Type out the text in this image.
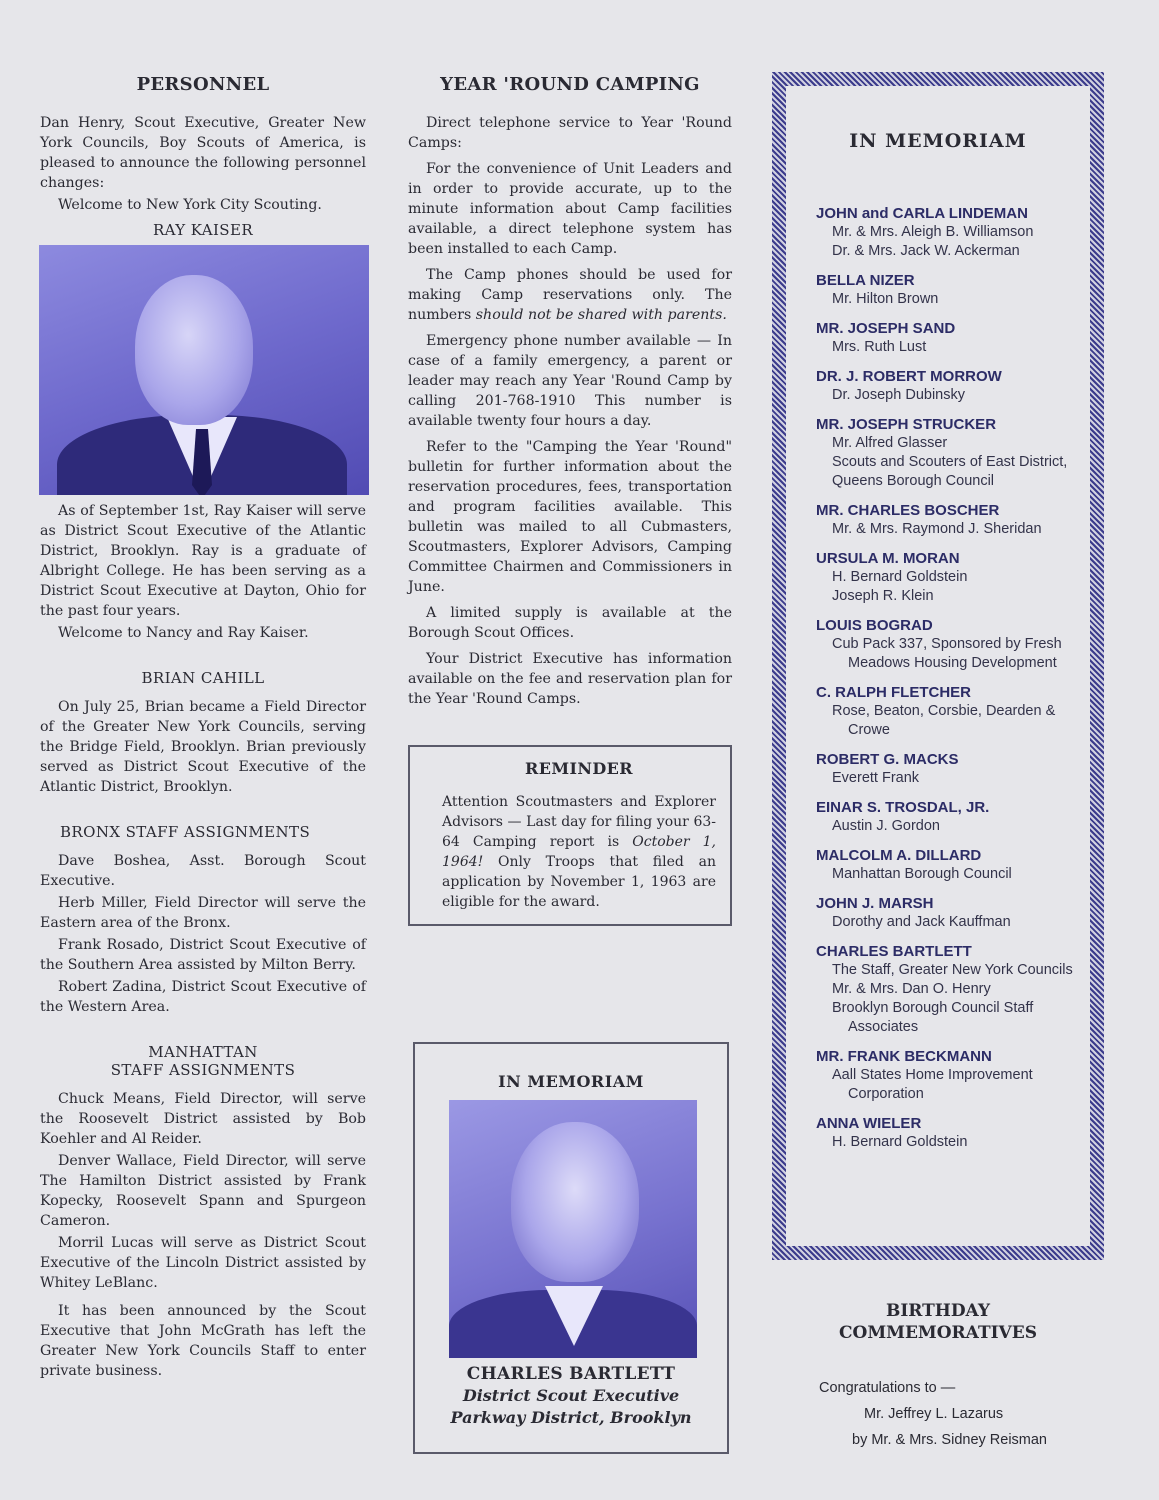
PERSONNEL

Dan Henry, Scout Executive, Greater New York Councils, Boy Scouts of America, is pleased to announce the following personnel changes:

Welcome to New York City Scouting.

RAY KAISER

As of September 1st, Ray Kaiser will serve as District Scout Executive of the Atlantic District, Brooklyn. Ray is a graduate of Albright College. He has been serving as a District Scout Executive at Dayton, Ohio for the past four years.

Welcome to Nancy and Ray Kaiser.

BRIAN CAHILL

On July 25, Brian became a Field Director of the Greater New York Councils, serving the Bridge Field, Brooklyn. Brian previously served as District Scout Executive of the Atlantic District, Brooklyn.

BRONX STAFF ASSIGNMENTS

Dave Boshea, Asst. Borough Scout Executive.

Herb Miller, Field Director will serve the Eastern area of the Bronx.

Frank Rosado, District Scout Executive of the Southern Area assisted by Milton Berry.

Robert Zadina, District Scout Executive of the Western Area.

MANHATTAN
STAFF ASSIGNMENTS

Chuck Means, Field Director, will serve the Roosevelt District assisted by Bob Koehler and Al Reider.

Denver Wallace, Field Director, will serve The Hamilton District assisted by Frank Kopecky, Roosevelt Spann and Spurgeon Cameron.

Morril Lucas will serve as District Scout Executive of the Lincoln District assisted by Whitey LeBlanc.

It has been announced by the Scout Executive that John McGrath has left the Greater New York Councils Staff to enter private business.

YEAR 'ROUND CAMPING

Direct telephone service to Year 'Round Camps:

For the convenience of Unit Leaders and in order to provide accurate, up to the minute information about Camp facilities available, a direct telephone system has been installed to each Camp.

The Camp phones should be used for making Camp reservations only. The numbers should not be shared with parents.

Emergency phone number available — In case of a family emergency, a parent or leader may reach any Year 'Round Camp by calling 201-768-1910 This number is available twenty four hours a day.

Refer to the "Camping the Year 'Round" bulletin for further information about the reservation procedures, fees, transportation and program facilities available. This bulletin was mailed to all Cubmasters, Scoutmasters, Explorer Advisors, Camping Committee Chairmen and Commissioners in June.

A limited supply is available at the Borough Scout Offices.

Your District Executive has information available on the fee and reservation plan for the Year 'Round Camps.

REMINDER

Attention Scoutmasters and Explorer Advisors — Last day for filing your 63-64 Camping report is October 1, 1964! Only Troops that filed an application by November 1, 1963 are eligible for the award.

IN MEMORIAM
CHARLES BARTLETT
District Scout Executive
Parkway District, Brooklyn
IN MEMORIAM
JOHN and CARLA LINDEMAN
Mr. & Mrs. Aleigh B. Williamson
Dr. & Mrs. Jack W. Ackerman
BELLA NIZER
Mr. Hilton Brown
MR. JOSEPH SAND
Mrs. Ruth Lust
DR. J. ROBERT MORROW
Dr. Joseph Dubinsky
MR. JOSEPH STRUCKER
Mr. Alfred Glasser
Scouts and Scouters of East District,
Queens Borough Council
MR. CHARLES BOSCHER
Mr. & Mrs. Raymond J. Sheridan
URSULA M. MORAN
H. Bernard Goldstein
Joseph R. Klein
LOUIS BOGRAD
Cub Pack 337, Sponsored by Fresh Meadows Housing Development
C. RALPH FLETCHER
Rose, Beaton, Corsbie, Dearden & Crowe
ROBERT G. MACKS
Everett Frank
EINAR S. TROSDAL, JR.
Austin J. Gordon
MALCOLM A. DILLARD
Manhattan Borough Council
JOHN J. MARSH
Dorothy and Jack Kauffman
CHARLES BARTLETT
The Staff, Greater New York Councils
Mr. & Mrs. Dan O. Henry
Brooklyn Borough Council Staff Associates
MR. FRANK BECKMANN
Aall States Home Improvement Corporation
ANNA WIELER
H. Bernard Goldstein
BIRTHDAY
COMMEMORATIVES
Congratulations to —
Mr. Jeffrey L. Lazarus
by Mr. & Mrs. Sidney Reisman
